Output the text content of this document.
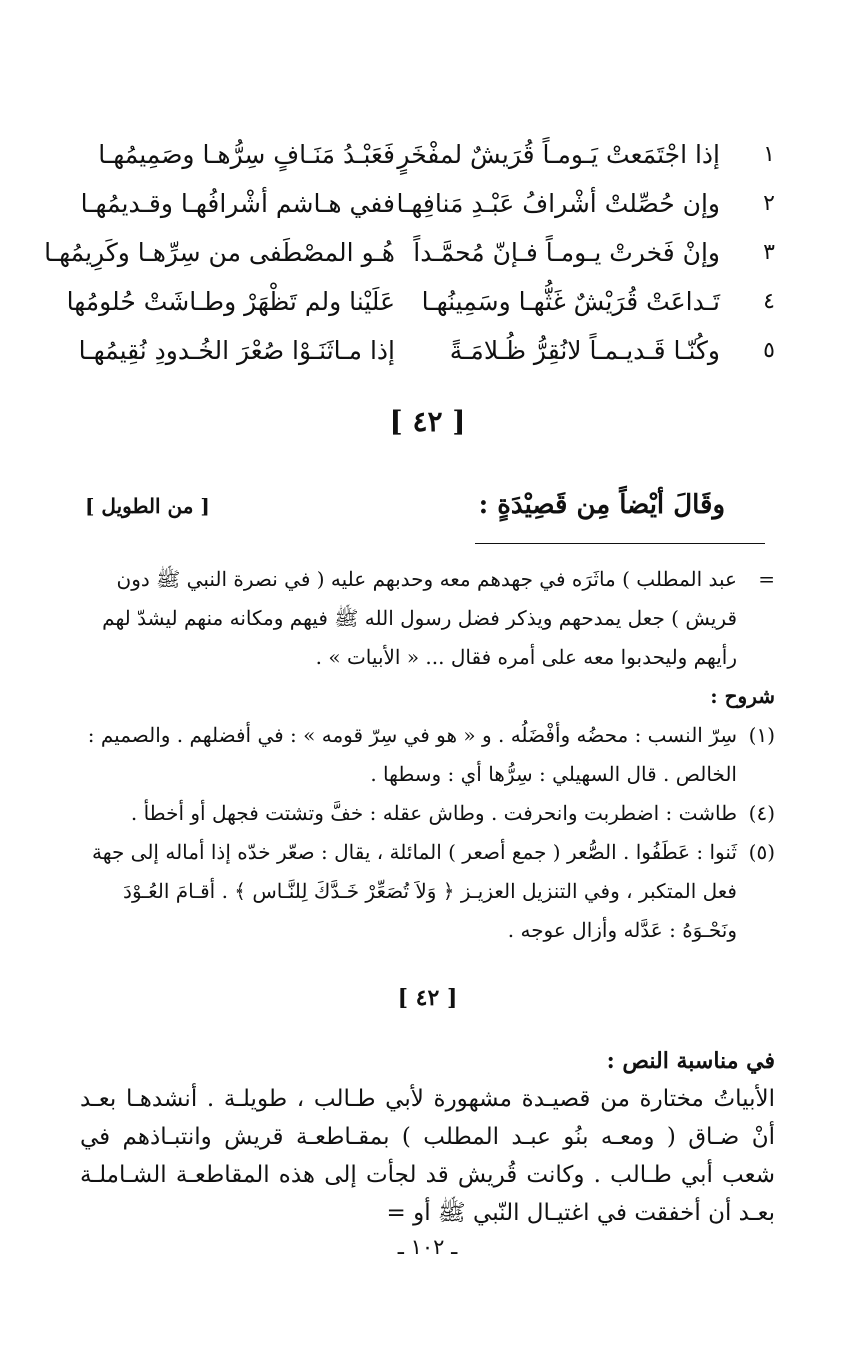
١
إذا اجْتَمَعتْ يَـومـاً قُرَيشٌ لمفْخَرٍ
فَعَبْـدُ مَنَـافٍ سِرُّهـا وصَمِيمُهـا
٢
وإن حُصِّلتْ أشْرافُ عَبْـدِ مَنافِهـا
ففي هـاشم أشْرافُهـا وقـديمُهـا
٣
وإنْ فَخرتْ يـومـاً فـإنّ مُحمَّـداً
هُـو المصْطَفى من سِرِّهـا وكَرِيمُهـا
٤
تَـداعَتْ قُرَيْشٌ غَثُّهـا وسَمِينُهـا
عَلَيْنا ولم تَظْهَرْ وطـاشَتْ حُلومُها
٥
وكُنّـا قَـديـمـاً لانُقِرُّ ظُـلامَـةً
إذا مـاثَنَـوْا صُعْرَ الخُـدودِ نُقِيمُهـا
[ ٤٢ ]
وقَالَ أيْضاً مِن قَصِيْدَةٍ :
[ من الطويل ]
=
عبد المطلب ) ماثَرَه في جهدهم معه وحدبهم عليه ( في نصرة النبي ﷺ دون قريش ) جعل يمدحهم ويذكر فضل رسول الله ﷺ فيهم ومكانه منهم ليشدّ لهم رأيهم وليحدبوا معه على أمره فقال ... « الأبيات » .
شروح :
(١)
سِرّ النسب : محضُه وأفْضَلُه . و « هو في سِرّ قومه » : في أفضلهم . والصميم : الخالص . قال السهيلي : سِرُّها أي : وسطها .
(٤)
طاشت : اضطربت وانحرفت . وطاش عقله : خفَّ وتشتت فجهل أو أخطأ .
(٥)
ثَنوا : عَطَفُوا . الصُّعر ( جمع أصعر ) المائلة ، يقال : صعّر خدّه إذا أماله إلى جهة فعل المتكبر ، وفي التنزيل العزيـز ﴿ وَلاَ تُصَعِّرْ خَـدَّكَ لِلنَّـاس ﴾ . أقـامَ العُـوْدَ ونَحْـوَهُ : عَدَّله وأزال عوجه .
[ ٤٢ ]
في مناسبة النص :
الأبياتُ مختارة من قصيـدة مشهورة لأبي طـالب ، طويلـة . أنشدهـا بعـد أنْ ضـاق ( ومعـه بنُو عبـد المطلب ) بمقـاطعـة قريش وانتبـاذهم في شعب أبي طـالب . وكانت قُريش قد لجأت إلى هذه المقاطعـة الشـاملـة بعـد أن أخفقت في اغتيـال النّبي ﷺ أو =
ـ ١٠٢ ـ
